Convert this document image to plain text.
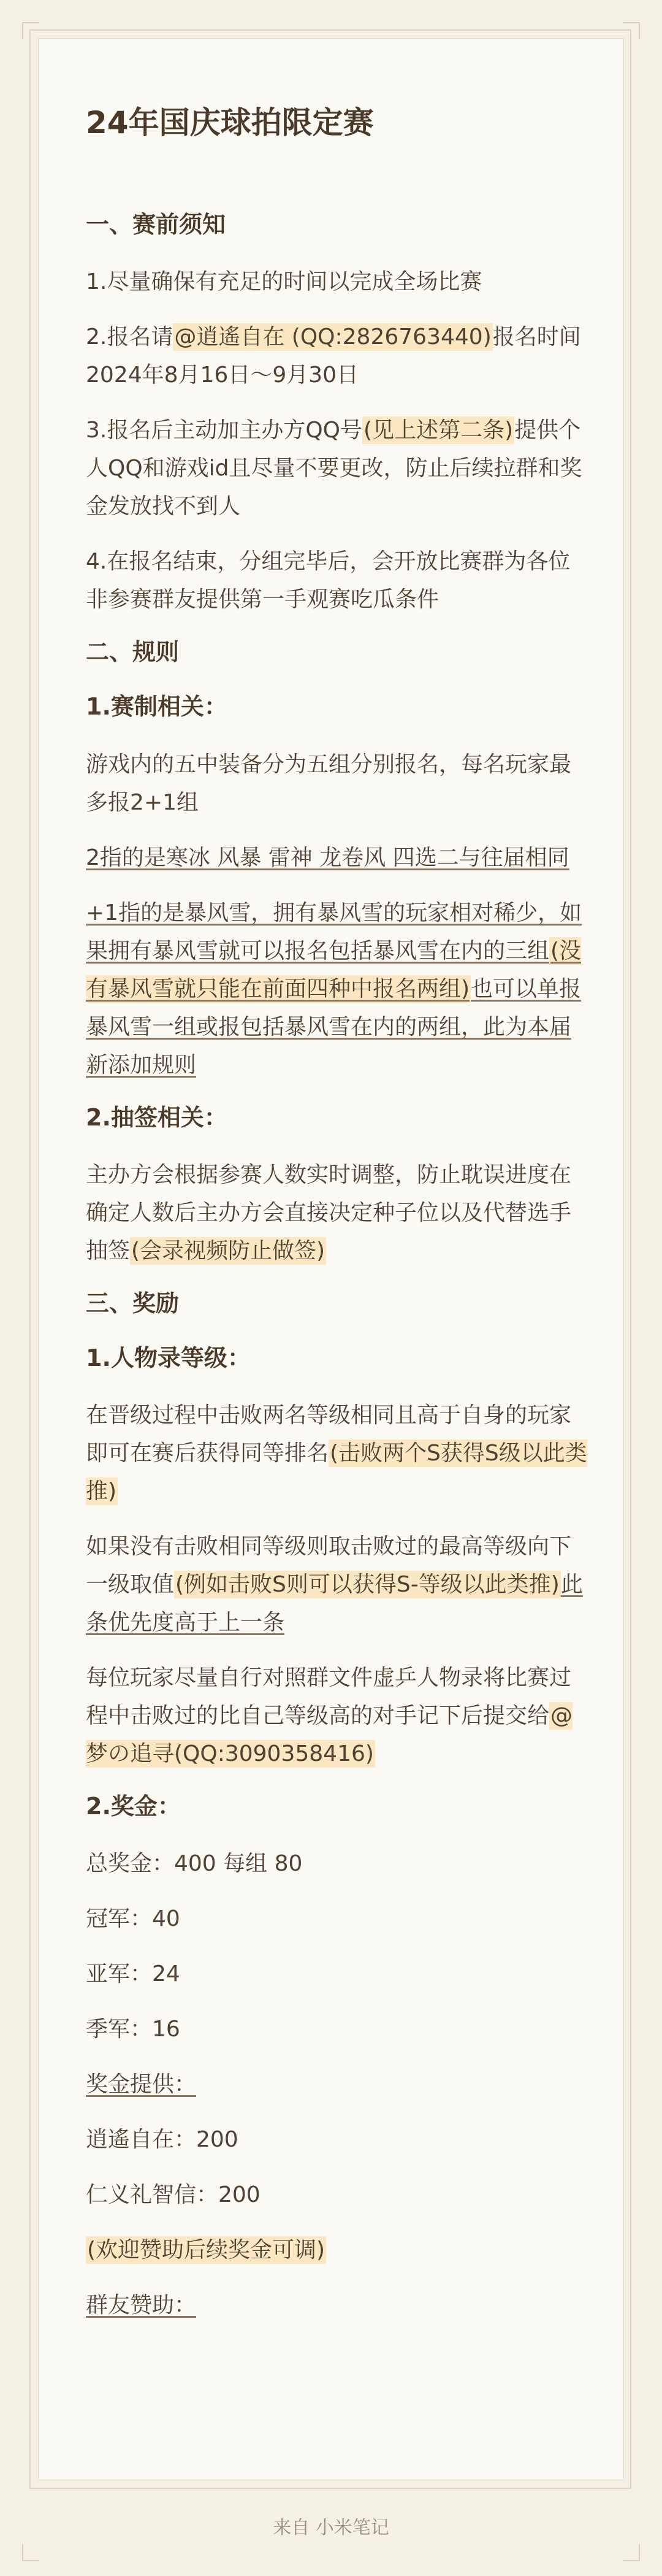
24年国庆球拍限定赛
一、赛前须知

1.尽量确保有充足的时间以完成全场比赛

2.报名请@逍遙自在 (QQ:2826763440)报名时间2024年8月16日～9月30日

3.报名后主动加主办方QQ号(见上述第二条)提供个人QQ和游戏id且尽量不要更改，防止后续拉群和奖金发放找不到人

4.在报名结束，分组完毕后，会开放比赛群为各位非参赛群友提供第一手观赛吃瓜条件

二、规则
1.赛制相关：

游戏内的五中装备分为五组分别报名，每名玩家最多报2+1组

2指的是寒冰 风暴 雷神 龙卷风 四选二与往届相同

+1指的是暴风雪，拥有暴风雪的玩家相对稀少，如果拥有暴风雪就可以报名包括暴风雪在内的三组(没有暴风雪就只能在前面四种中报名两组)也可以单报暴风雪一组或报包括暴风雪在内的两组，此为本届新添加规则

2.抽签相关：

主办方会根据参赛人数实时调整，防止耽误进度在确定人数后主办方会直接决定种子位以及代替选手抽签(会录视频防止做签)

三、奖励
1.人物录等级：

在晋级过程中击败两名等级相同且高于自身的玩家即可在赛后获得同等排名(击败两个S获得S级以此类推)

如果没有击败相同等级则取击败过的最高等级向下一级取值(例如击败S则可以获得S-等级以此类推)此条优先度高于上一条

每位玩家尽量自行对照群文件虚乒人物录将比赛过程中击败过的比自己等级高的对手记下后提交给@梦の追寻(QQ:3090358416)

2.奖金：

总奖金：400 每组 80

冠军：40

亚军：24

季军：16

奖金提供：

逍遙自在：200

仁义礼智信：200

(欢迎赞助后续奖金可调)

群友赞助：

来自 小米笔记
